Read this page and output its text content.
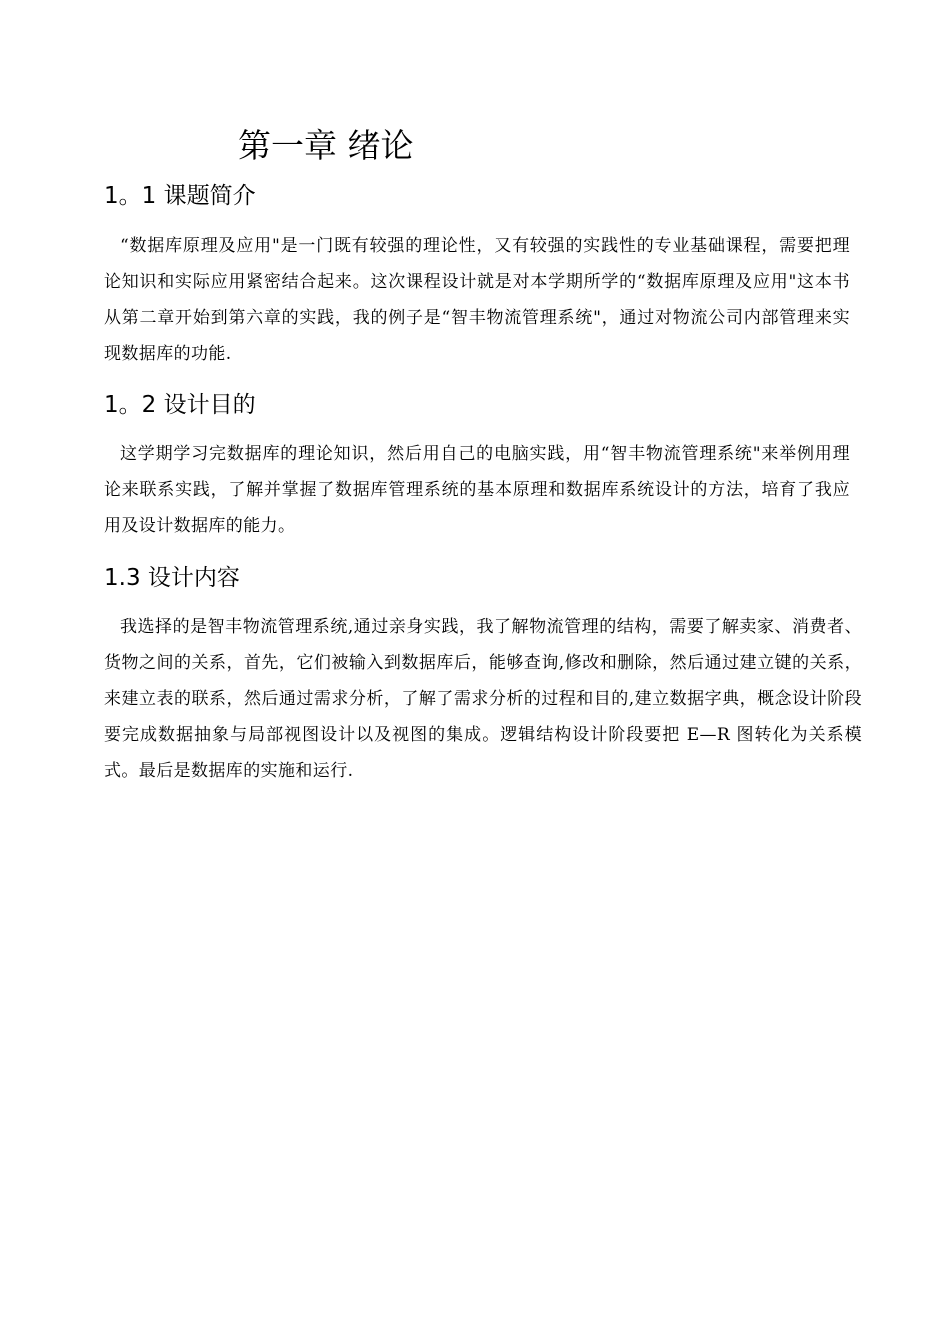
第一章 绪论
1。1 课题简介

“数据库原理及应用"是一门既有较强的理论性，又有较强的实践性的专业基础课程，需要把理论知识和实际应用紧密结合起来。这次课程设计就是对本学期所学的“数据库原理及应用"这本书从第二章开始到第六章的实践，我的例子是“智丰物流管理系统"，通过对物流公司内部管理来实现数据库的功能.

1。2 设计目的

这学期学习完数据库的理论知识，然后用自己的电脑实践，用“智丰物流管理系统"来举例用理论来联系实践，了解并掌握了数据库管理系统的基本原理和数据库系统设计的方法，培育了我应用及设计数据库的能力。

1.3 设计内容

我选择的是智丰物流管理系统,通过亲身实践，我了解物流管理的结构，需要了解卖家、消费者、货物之间的关系，首先，它们被输入到数据库后，能够查询,修改和删除，然后通过建立键的关系，来建立表的联系，然后通过需求分析，了解了需求分析的过程和目的,建立数据字典，概念设计阶段要完成数据抽象与局部视图设计以及视图的集成。逻辑结构设计阶段要把 E—R 图转化为关系模式。最后是数据库的实施和运行.
